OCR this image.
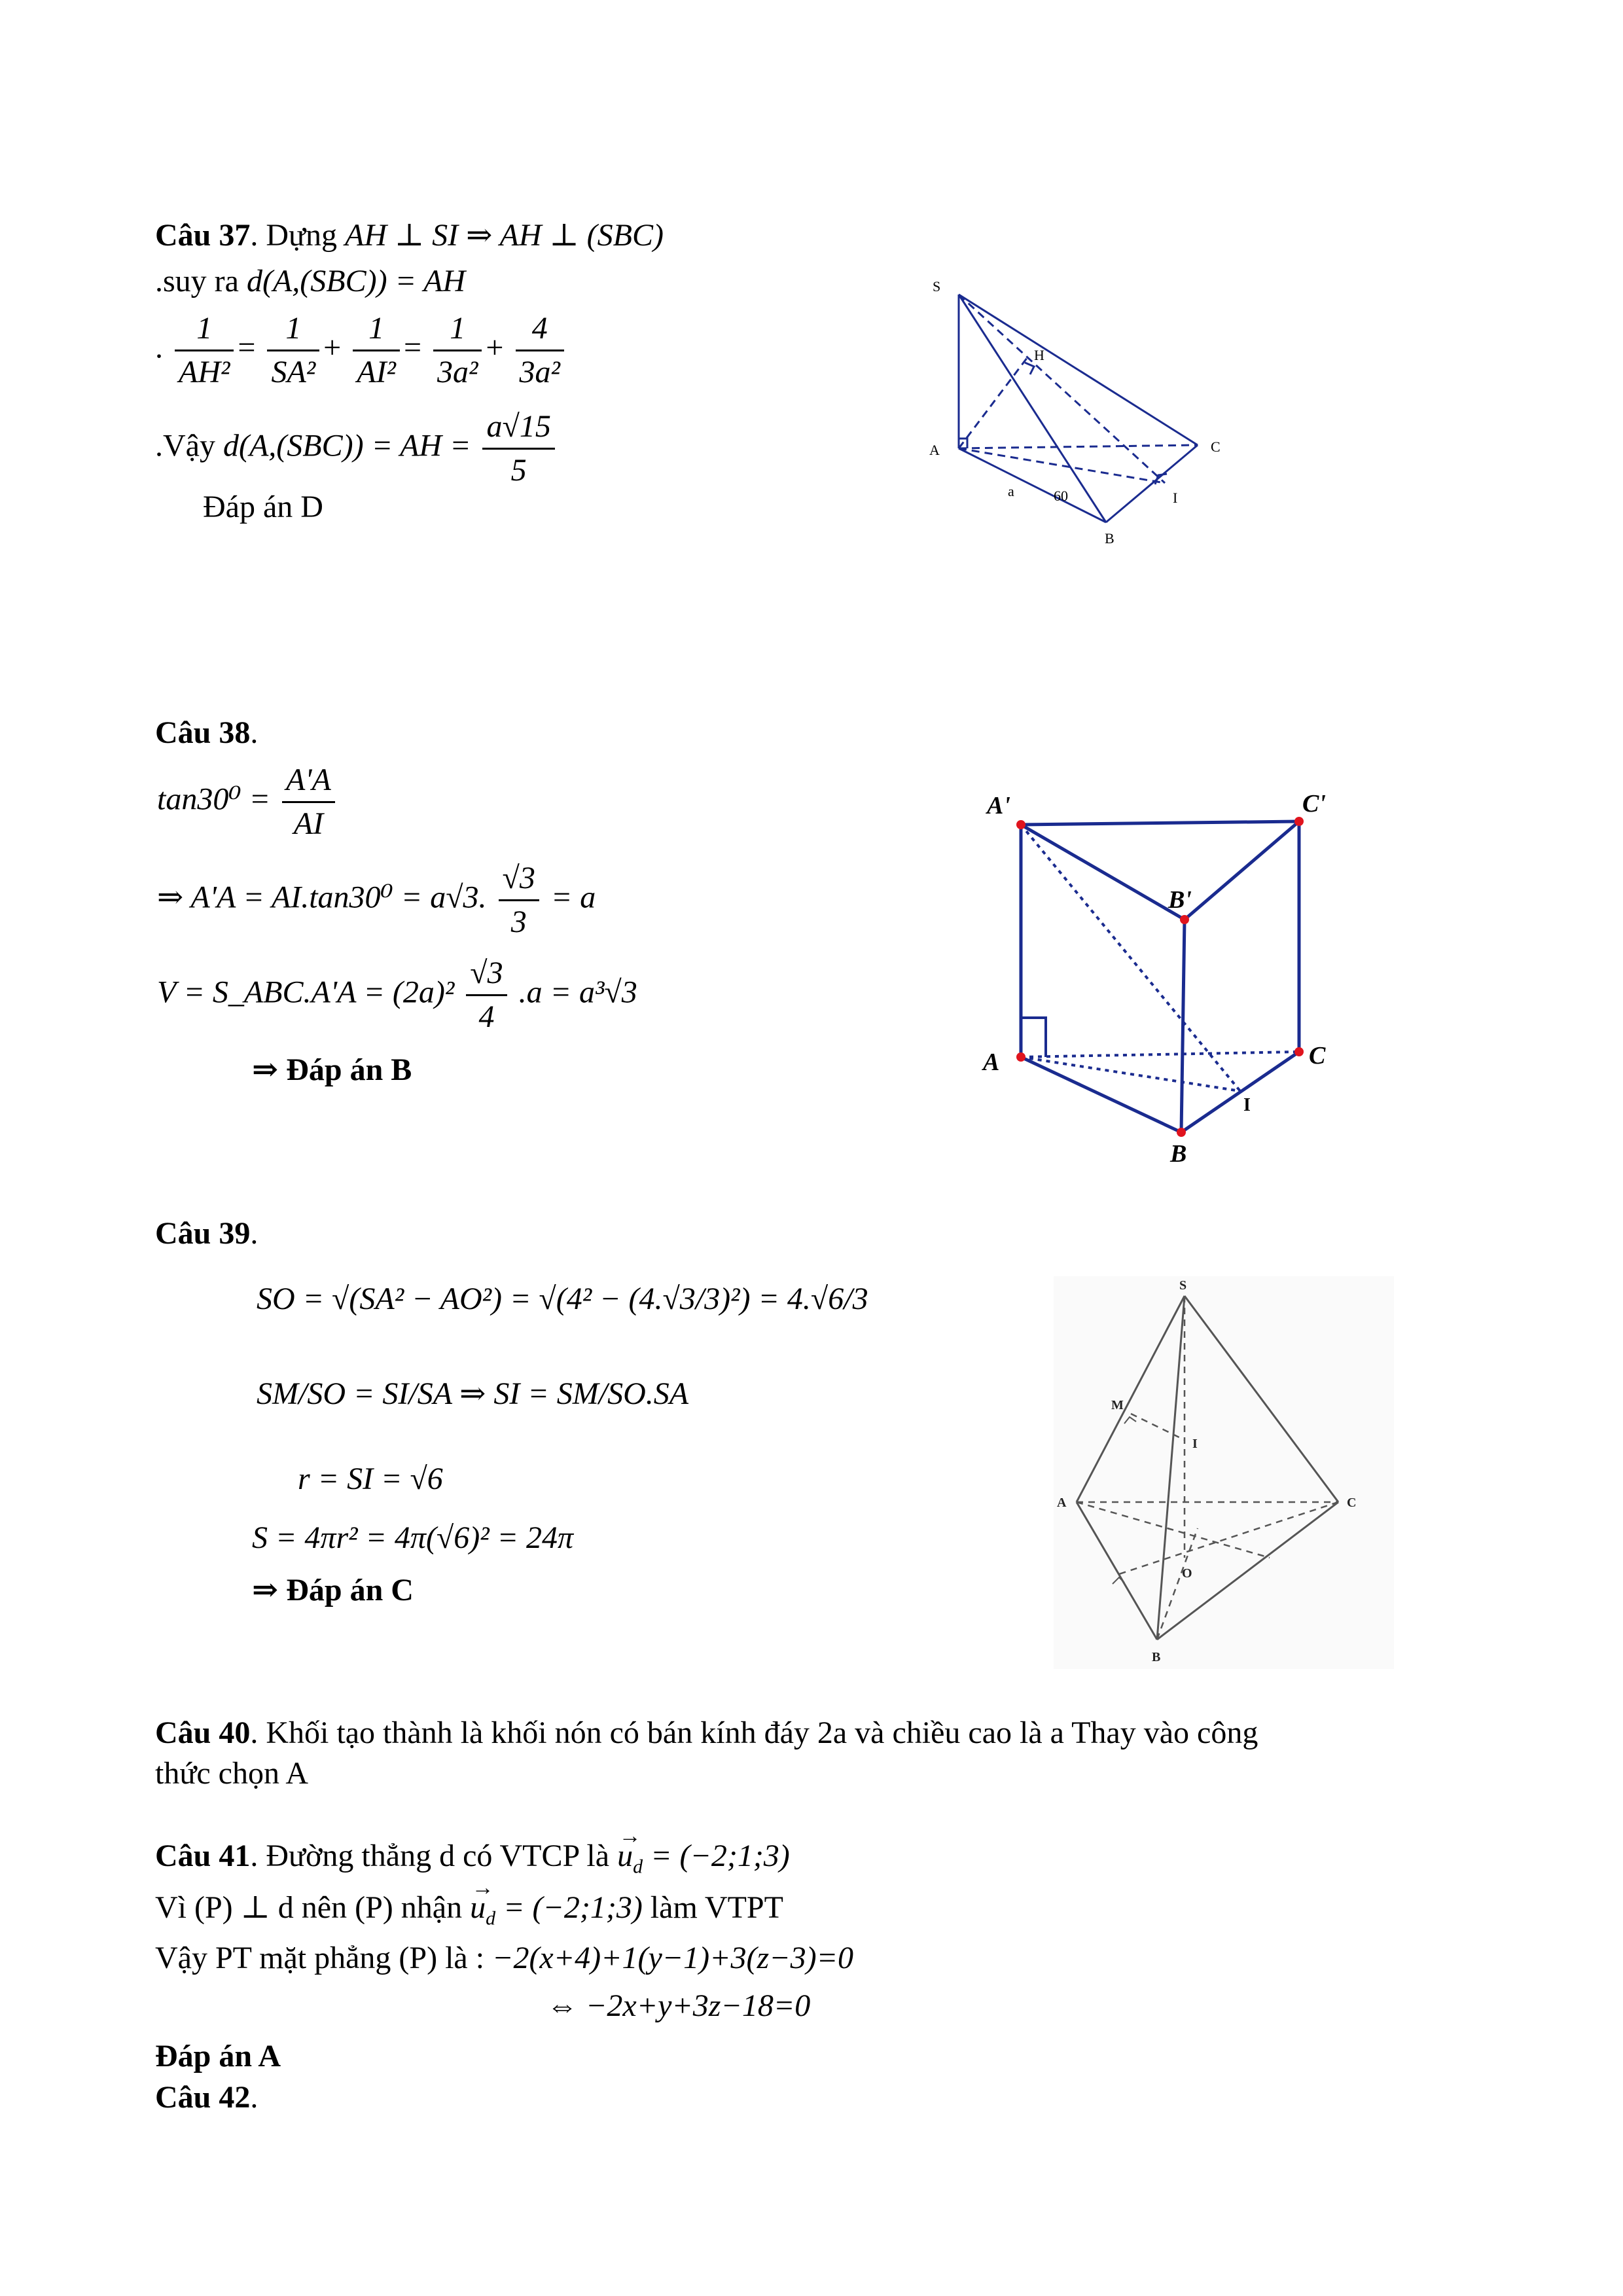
Câu 37. Dựng AH ⊥ SI ⇒ AH ⊥ (SBC)
.suy ra d(A,(SBC)) = AH
. $\frac{1}{\text{AH²}} = \frac{1}{\text{SA²}} + \frac{1}{\text{AI²}} = \frac{1}{\text{3a²}} + \frac{4}{\text{3a²}}$
.Vậy d(A,(SBC)) = AH = $\frac{a√15}{5}$
Đáp án D
S
H
A	C
I
B
a	60
Câu 38 .
$\tan 30^0 = \frac{A'A}{AI}$
⇒ A'A = AI.tan30⁰ = a√3. $\frac{√3}{3} = a$
V = S_ABC.A'A = $(2a)^2 \frac{√3}{4} .a = a^3√3$
⇒ Đáp án B
A'	C'
B'
A	C
B
I
Câu 39 .
SO = √(SA² − AO²) = √(4² − (4.√3/3)²) = 4.√6/3
SM/SO = SI/SA ⇒ SI = SM/SO.SA
r = SI = √6
S = 4πr² = 4π(√6)² = 24π
⇒ Đáp án C
S
M
I
A	C
O
B
Câu 40. Khối tạo thành là khối nón có bán kính đáy 2a và chiều cao là a Thay vào công
thức chọn A
Câu 41. Đường thẳng d có VTCP là → $u_d$ = (−2;1;3)
Vì (P) ⊥ d nên (P) nhận → $u_d$ = (−2;1;3) làm VTPT
Vậy PT mặt phẳng (P) là : −2(x+4)+1(y−1)+3(z−3)=0
⇔ −2x+y+3z−18=0
Đáp án A
Câu 42.
